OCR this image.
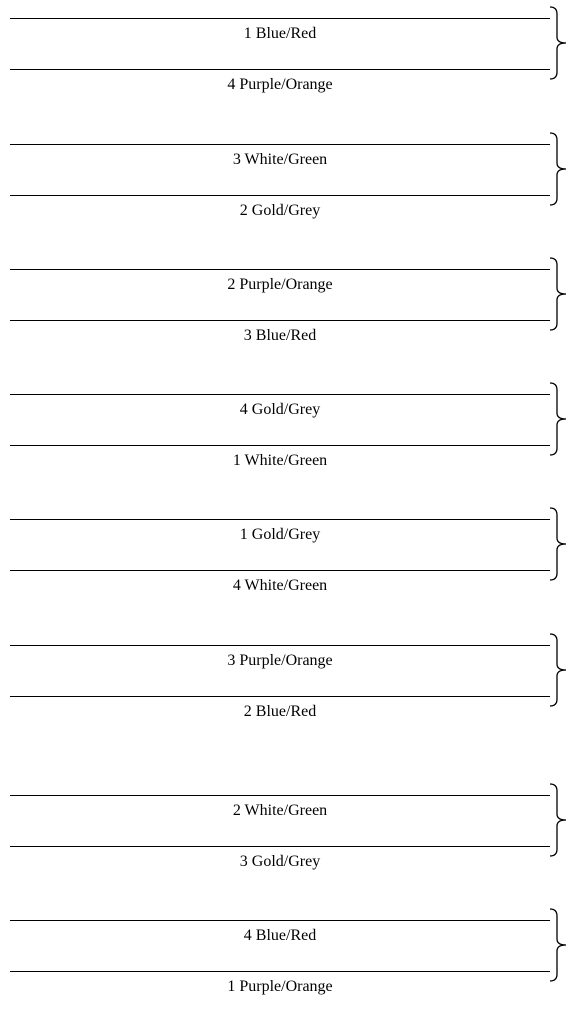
1 Blue/Red
4 Purple/Orange
3 White/Green
2 Gold/Grey
2 Purple/Orange
3 Blue/Red
4 Gold/Grey
1 White/Green
1 Gold/Grey
4 White/Green
3 Purple/Orange
2 Blue/Red
2 White/Green
3 Gold/Grey
4 Blue/Red
1 Purple/Orange
